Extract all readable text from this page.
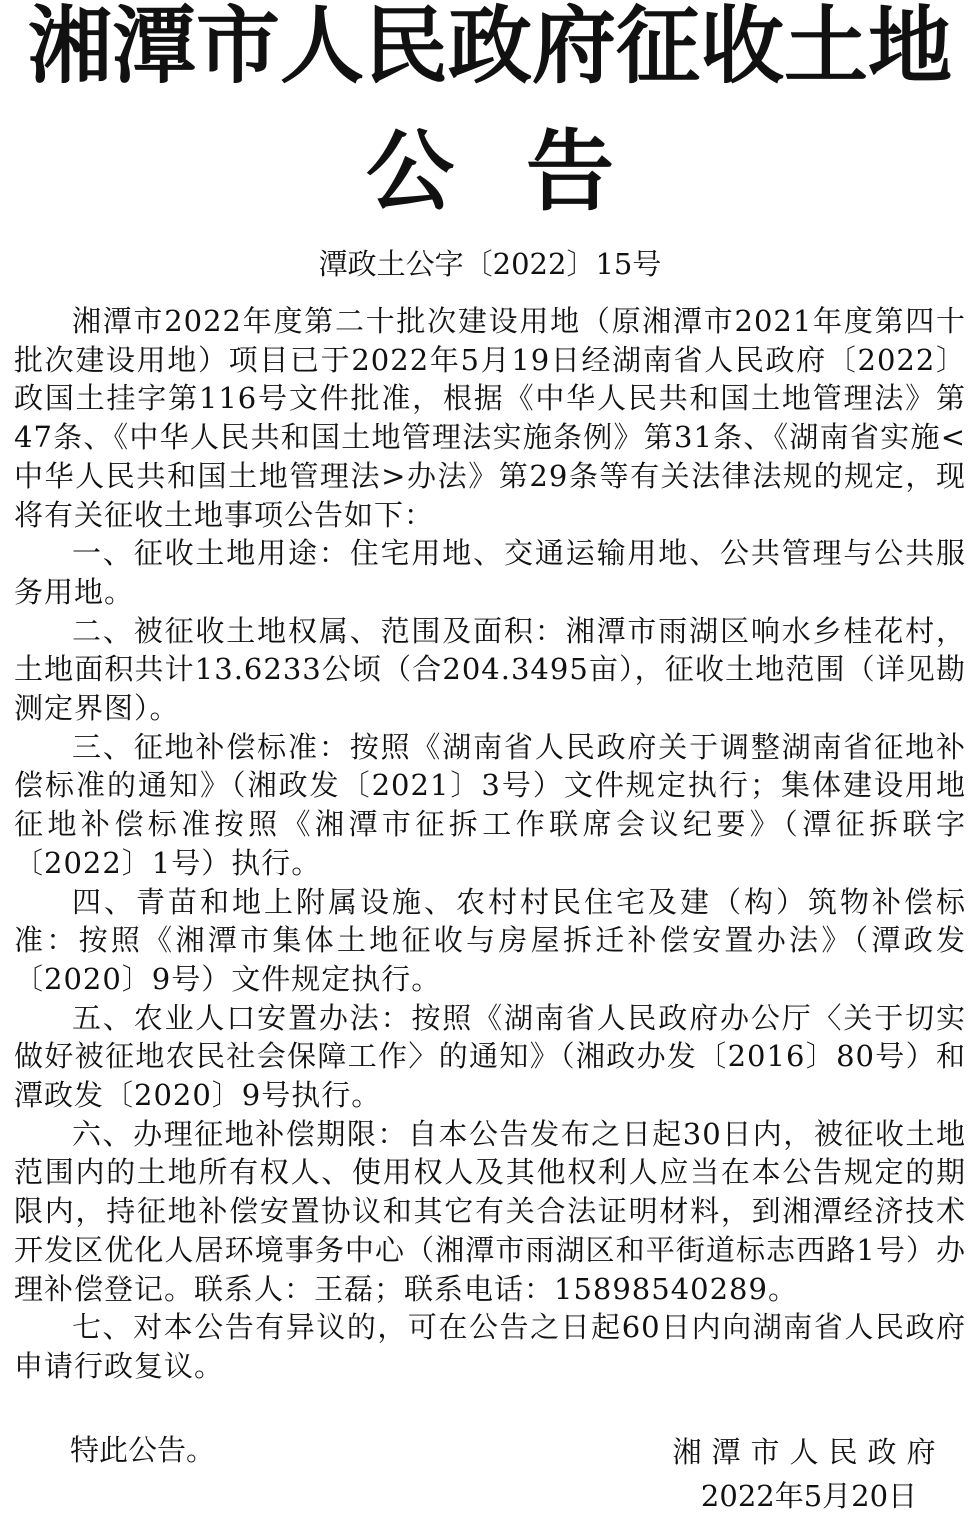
湘潭市人民政府征收土地
公告
潭政土公字〔2022〕15号

湘潭市2022年度第二十批次建设用地（原湘潭市2021年度第四十批次建设用地）项目已于2022年5月19日经湖南省人民政府〔2022〕政国土挂字第116号文件批准，根据《中华人民共和国土地管理法》第47条、《中华人民共和国土地管理法实施条例》第31条、《湖南省实施<中华人民共和国土地管理法>办法》第29条等有关法律法规的规定，现将有关征收土地事项公告如下：

一、征收土地用途：住宅用地、交通运输用地、公共管理与公共服务用地。

二、被征收土地权属、范围及面积：湘潭市雨湖区响水乡桂花村，土地面积共计13.6233公顷（合204.3495亩），征收土地范围（详见勘测定界图）。

三、征地补偿标准：按照《湖南省人民政府关于调整湖南省征地补偿标准的通知》（湘政发〔2021〕3号）文件规定执行；集体建设用地征地补偿标准按照《湘潭市征拆工作联席会议纪要》（潭征拆联字〔2022〕1号）执行。

四、青苗和地上附属设施、农村村民住宅及建（构）筑物补偿标准：按照《湘潭市集体土地征收与房屋拆迁补偿安置办法》（潭政发〔2020〕9号）文件规定执行。

五、农业人口安置办法：按照《湖南省人民政府办公厅〈关于切实做好被征地农民社会保障工作〉的通知》（湘政办发〔2016〕80号）和潭政发〔2020〕9号执行。

六、办理征地补偿期限：自本公告发布之日起30日内，被征收土地范围内的土地所有权人、使用权人及其他权利人应当在本公告规定的期限内，持征地补偿安置协议和其它有关合法证明材料，到湘潭经济技术开发区优化人居环境事务中心（湘潭市雨湖区和平街道标志西路1号）办理补偿登记。联系人：王磊；联系电话：15898540289。

七、对本公告有异议的，可在公告之日起60日内向湖南省人民政府申请行政复议。

特此公告。	湘潭市人民政府
2022年5月20日
